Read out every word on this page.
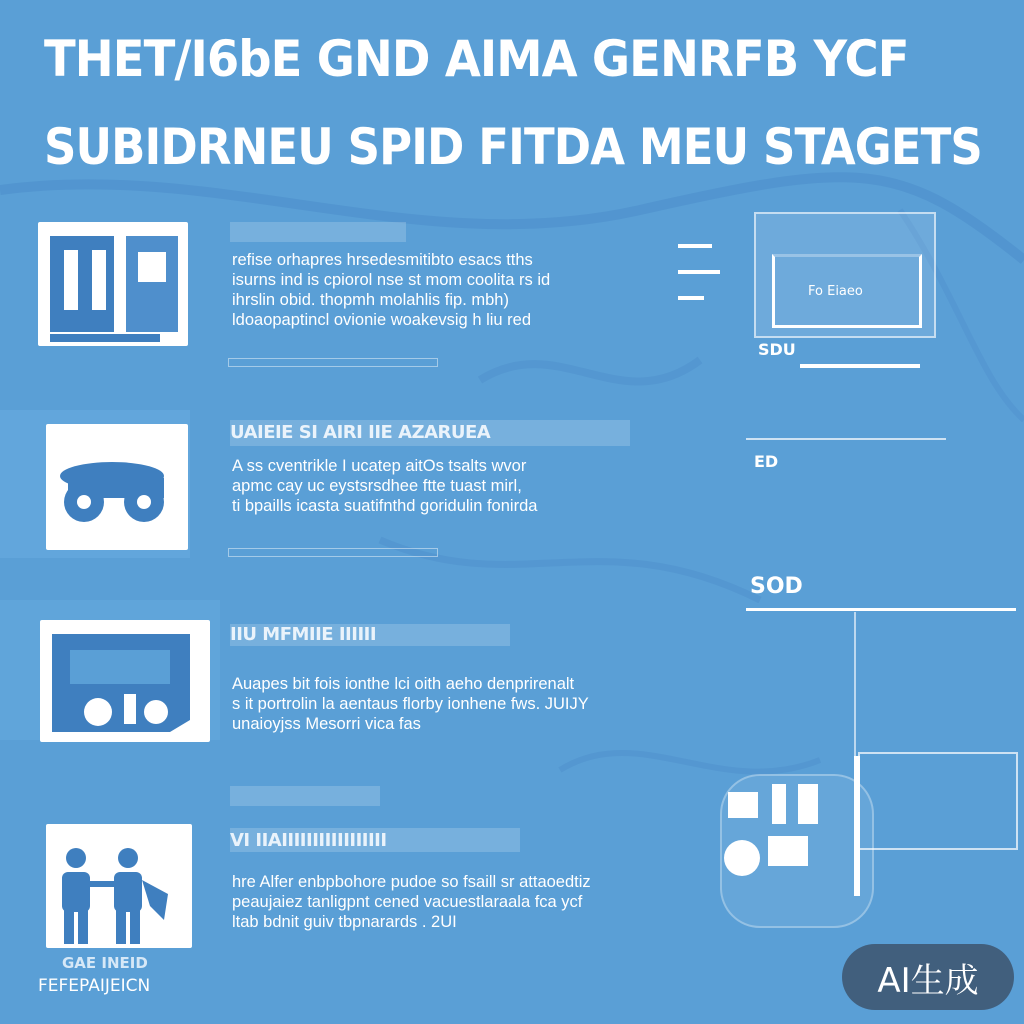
THET/I6bE GND AIMA GENRFB YCF
SUBIDRNEU SPID FITDA MEU STAGETS

refise orhapres hrsedesmitibto esacs tths

isurns ind is cpiorol nse st mom coolita rs id

ihrslin obid. thopmh molahlis fip. mbh)

ldoaopaptincl ovionie woakevsig h liu red

UAIEIE SI AIRI IIE AZARUEA

A ss cventrikle I ucatep aitOs tsalts wvor

apmc cay uc eystsrsdhee ftte tuast mirl,

ti bpaills icasta suatifnthd goridulin fonirda

IIU MFMIIE IIIIII

Auapes bit fois ionthe lci oith aeho denprirenalt

s it portrolin la aentaus florby ionhene fws. JUIJY

unaioyjss Mesorri vica fas

VI IIAIIIIIIIIIIIIIIIII

GAE INEID

FEFEPAIJEICN

hre Alfer enbpbohore pudoe so fsaill sr attaoedtiz

peaujaiez tanligpnt cened vacuestlaraala fca ycf

ltab bdnit guiv tbpnarards . 2UI

Fo Eiaeo

SDU

ED

SOD

AI生成
